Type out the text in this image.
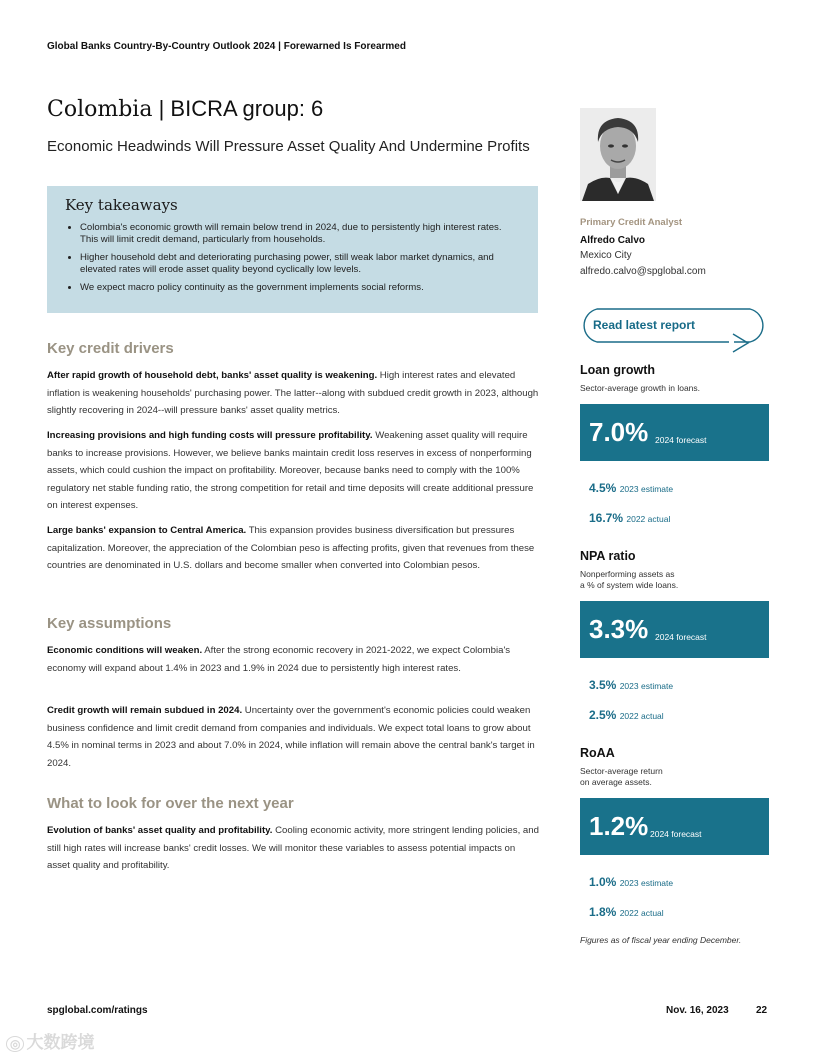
Global Banks Country-By-Country Outlook 2024 | Forewarned Is Forearmed
Colombia | BICRA group: 6
Economic Headwinds Will Pressure Asset Quality And Undermine Profits
Key takeaways
• Colombia's economic growth will remain below trend in 2024, due to persistently high interest rates. This will limit credit demand, particularly from households.
• Higher household debt and deteriorating purchasing power, still weak labor market dynamics, and elevated rates will erode asset quality beyond cyclically low levels.
• We expect macro policy continuity as the government implements social reforms.
Key credit drivers
After rapid growth of household debt, banks' asset quality is weakening. High interest rates and elevated inflation is weakening households' purchasing power. The latter--along with subdued credit growth in 2023, although slightly recovering in 2024--will pressure banks' asset quality metrics.
Increasing provisions and high funding costs will pressure profitability. Weakening asset quality will require banks to increase provisions. However, we believe banks maintain credit loss reserves in excess of nonperforming assets, which could cushion the impact on profitability. Moreover, because banks need to comply with the 100% regulatory net stable funding ratio, the strong competition for retail and time deposits will create additional pressure on interest expenses.
Large banks' expansion to Central America. This expansion provides business diversification but pressures capitalization. Moreover, the appreciation of the Colombian peso is affecting profits, given that revenues from these countries are denominated in U.S. dollars and become smaller when converted into Colombian pesos.
Key assumptions
Economic conditions will weaken. After the strong economic recovery in 2021-2022, we expect Colombia's economy will expand about 1.4% in 2023 and 1.9% in 2024 due to persistently high interest rates.
Credit growth will remain subdued in 2024. Uncertainty over the government's economic policies could weaken business confidence and limit credit demand from companies and individuals. We expect total loans to grow about 4.5% in nominal terms in 2023 and about 7.0% in 2024, while inflation will remain above the central bank's target in 2024.
What to look for over the next year
Evolution of banks' asset quality and profitability. Cooling economic activity, more stringent lending policies, and still high rates will increase banks' credit losses. We will monitor these variables to assess potential impacts on asset quality and profitability.
Primary Credit Analyst
Alfredo Calvo
Mexico City
alfredo.calvo@spglobal.com
Read latest report
Loan growth
Sector-average growth in loans.
7.0% 2024 forecast
4.5% 2023 estimate
16.7% 2022 actual
NPA ratio
Nonperforming assets as
a % of system wide loans.
3.3% 2024 forecast
3.5% 2023 estimate
2.5% 2022 actual
RoAA
Sector-average return
on average assets.
1.2% 2024 forecast
1.0% 2023 estimate
1.8% 2022 actual
Figures as of fiscal year ending December.
spglobal.com/ratings	Nov. 16, 2023	22
◎ 大数跨境
